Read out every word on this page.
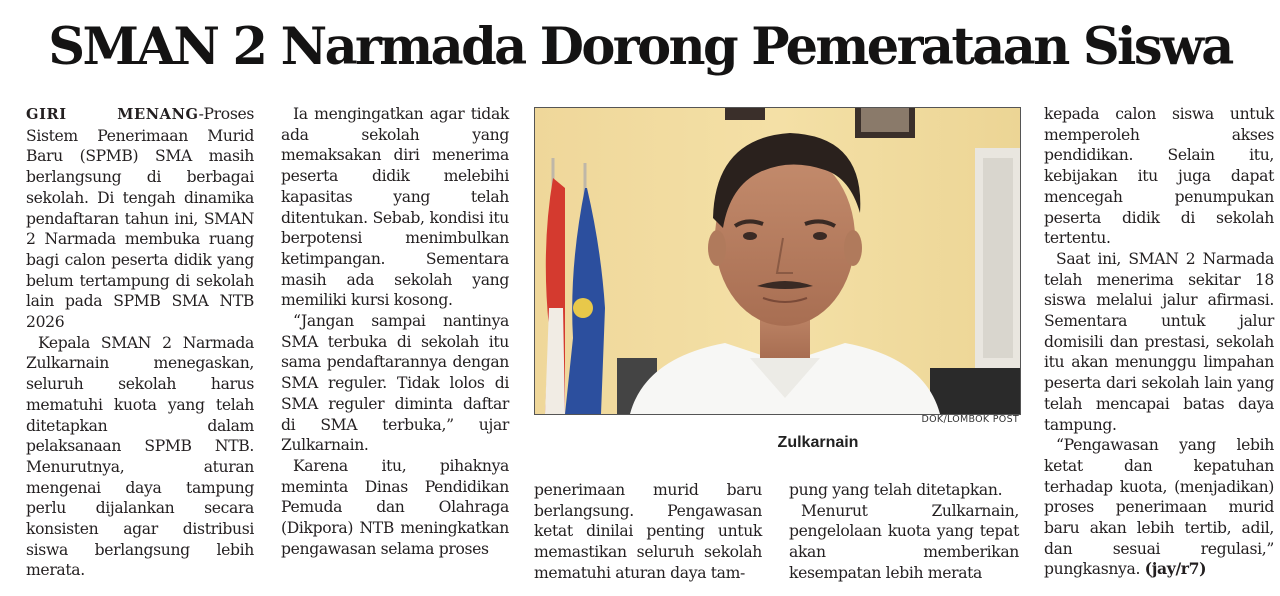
SMAN 2 Narmada Dorong Pemerataan Siswa

GIRI MENANG-Proses Sistem Penerimaan Murid Baru (SPMB) SMA masih berlangsung di berbagai sekolah. Di tengah dinamika pendaftaran tahun ini, SMAN 2 Narmada membuka ruang bagi calon peserta didik yang belum tertampung di sekolah lain pada SPMB SMA NTB 2026

Kepala SMAN 2 Narmada Zulkarnain menegaskan, seluruh sekolah harus mematuhi kuota yang telah ditetapkan dalam pelaksanaan SPMB NTB. Menurutnya, aturan mengenai daya tampung perlu dijalankan secara konsisten agar distribusi siswa berlangsung lebih merata.

Ia mengingatkan agar tidak ada sekolah yang memaksakan diri menerima peserta didik melebihi kapasitas yang telah ditentukan. Sebab, kondisi itu berpotensi menimbulkan ketimpangan. Sementara masih ada sekolah yang memiliki kursi kosong.

“Jangan sampai nantinya SMA terbuka di sekolah itu sama pendaftarannya dengan SMA reguler. Tidak lolos di SMA reguler diminta daftar di SMA terbuka,” ujar Zulkarnain.

Karena itu, pihaknya meminta Dinas Pendidikan Pemuda dan Olahraga (Dikpora) NTB meningkatkan pengawasan selama proses

DOK/LOMBOK POST
Zulkarnain

penerimaan murid baru berlangsung. Pengawasan ketat dinilai penting untuk memastikan seluruh sekolah mematuhi aturan daya tam-

pung yang telah ditetapkan.

Menurut Zulkarnain, pengelolaan kuota yang tepat akan memberikan kesempatan lebih merata

kepada calon siswa untuk memperoleh akses pendidikan. Selain itu, kebijakan itu juga dapat mencegah penumpukan peserta didik di sekolah tertentu.

Saat ini, SMAN 2 Narmada telah menerima sekitar 18 siswa melalui jalur afirmasi. Sementara untuk jalur domisili dan prestasi, sekolah itu akan menunggu limpahan peserta dari sekolah lain yang telah mencapai batas daya tampung.

“Pengawasan yang lebih ketat dan kepatuhan terhadap kuota, (menjadikan) proses penerimaan murid baru akan lebih tertib, adil, dan sesuai regulasi,” pungkasnya. (jay/r7)
